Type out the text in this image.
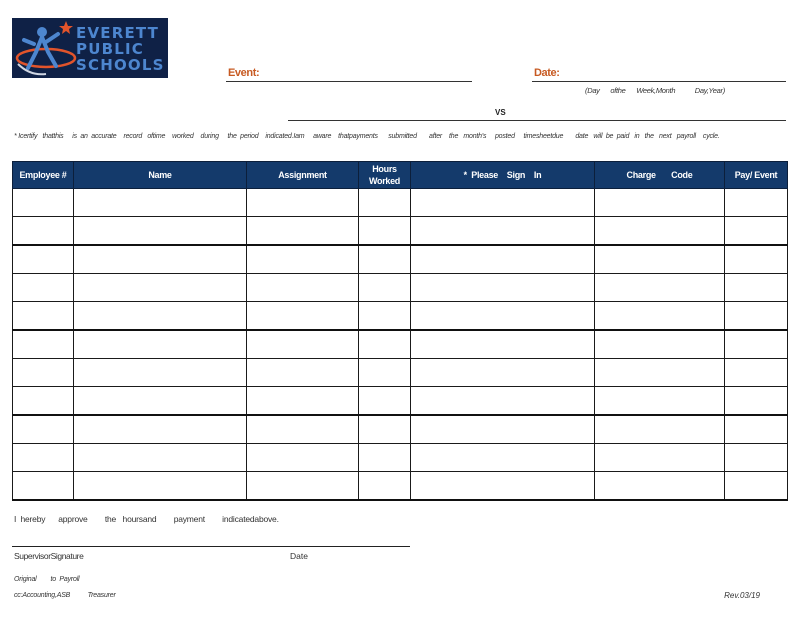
EVERETT
PUBLIC
SCHOOLS	Event:	Date:
(Day      ofthe      Week,Month           Day,Year)
VS
* Icertify   thatthis     is  an  accurate    record   oftime    worked    during     the  period    indicated.Iam     aware    thatpayments      submitted       after    the   month's     posted     timesheetdue       date   will  be  paid   in   the   next   payroll    cycle.
Employee #	Name	Assignment	Hours Worked	*  Please    Sign    In	Charge       Code	Pay/ Event

I  hereby      approve        the   hoursand        payment        indicatedabove.
SupervisorSignature	Date
Original        to  Payroll
cc:Accounting,ASB          Treasurer	Rev.03/19
